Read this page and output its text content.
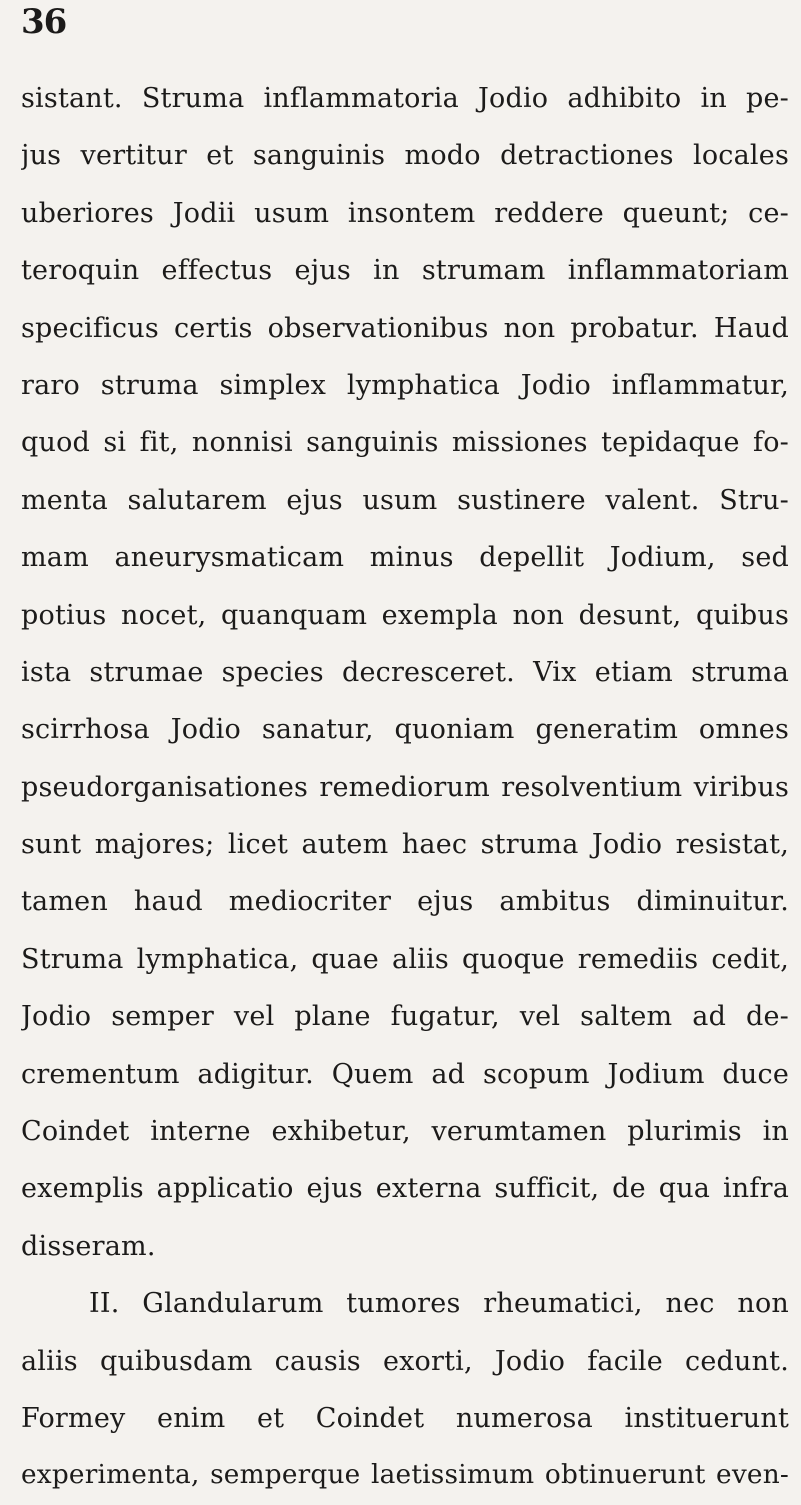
36
sistant. Struma inflammatoria Jodio adhibito in pe-
jus vertitur et sanguinis modo detractiones locales
uberiores Jodii usum insontem reddere queunt; ce-
teroquin effectus ejus in strumam inflammatoriam
specificus certis observationibus non probatur. Haud
raro struma simplex lymphatica Jodio inflammatur,
quod si fit, nonnisi sanguinis missiones tepidaque fo-
menta salutarem ejus usum sustinere valent. Stru-
mam aneurysmaticam minus depellit Jodium, sed
potius nocet, quanquam exempla non desunt, quibus
ista strumae species decresceret. Vix etiam struma
scirrhosa Jodio sanatur, quoniam generatim omnes
pseudorganisationes remediorum resolventium viribus
sunt majores; licet autem haec struma Jodio resistat,
tamen haud mediocriter ejus ambitus diminuitur.
Struma lymphatica, quae aliis quoque remediis cedit,
Jodio semper vel plane fugatur, vel saltem ad de-
crementum adigitur. Quem ad scopum Jodium duce
Coindet interne exhibetur, verumtamen plurimis in
exemplis applicatio ejus externa sufficit, de qua infra
disseram.
II. Glandularum tumores rheumatici, nec non
aliis quibusdam causis exorti, Jodio facile cedunt.
Formey enim et Coindet numerosa instituerunt
experimenta, semperque laetissimum obtinuerunt even-
